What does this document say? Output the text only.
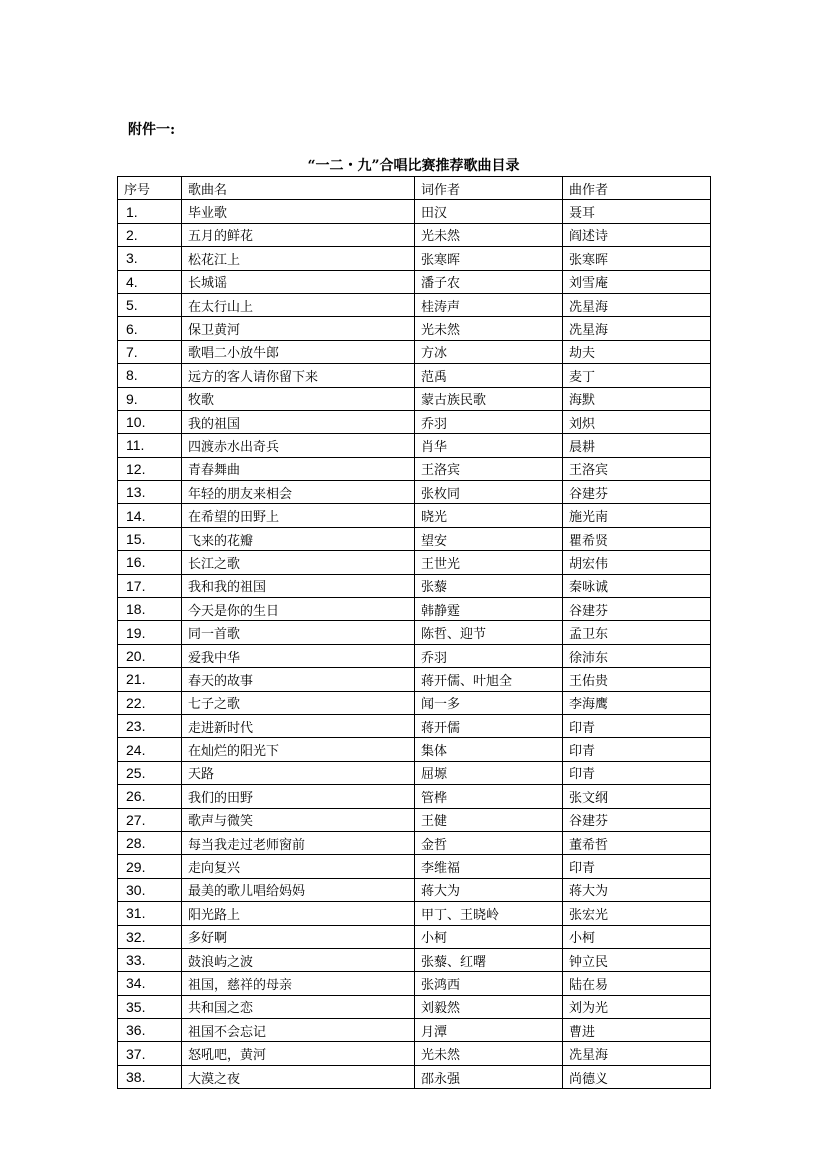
附件一:
“一二・九”合唱比赛推荐歌曲目录
序号	歌曲名	词作者	曲作者
1.	毕业歌	田汉	聂耳
2.	五月的鲜花	光未然	阎述诗
3.	松花江上	张寒晖	张寒晖
4.	长城谣	潘子农	刘雪庵
5.	在太行山上	桂涛声	冼星海
6.	保卫黄河	光未然	冼星海
7.	歌唱二小放牛郎	方冰	劫夫
8.	远方的客人请你留下来	范禹	麦丁
9.	牧歌	蒙古族民歌	海默
10.	我的祖国	乔羽	刘炽
11.	四渡赤水出奇兵	肖华	晨耕
12.	青春舞曲	王洛宾	王洛宾
13.	年轻的朋友来相会	张枚同	谷建芬
14.	在希望的田野上	晓光	施光南
15.	飞来的花瓣	望安	瞿希贤
16.	长江之歌	王世光	胡宏伟
17.	我和我的祖国	张藜	秦咏诚
18.	今天是你的生日	韩静霆	谷建芬
19.	同一首歌	陈哲、迎节	孟卫东
20.	爱我中华	乔羽	徐沛东
21.	春天的故事	蒋开儒、叶旭全	王佑贵
22.	七子之歌	闻一多	李海鹰
23.	走进新时代	蒋开儒	印青
24.	在灿烂的阳光下	集体	印青
25.	天路	屈塬	印青
26.	我们的田野	管桦	张文纲
27.	歌声与微笑	王健	谷建芬
28.	每当我走过老师窗前	金哲	董希哲
29.	走向复兴	李维福	印青
30.	最美的歌儿唱给妈妈	蒋大为	蒋大为
31.	阳光路上	甲丁、王晓岭	张宏光
32.	多好啊	小柯	小柯
33.	鼓浪屿之波	张藜、红曙	钟立民
34.	祖国，慈祥的母亲	张鸿西	陆在易
35.	共和国之恋	刘毅然	刘为光
36.	祖国不会忘记	月潭	曹进
37.	怒吼吧，黄河	光未然	冼星海
38.	大漠之夜	邵永强	尚德义
